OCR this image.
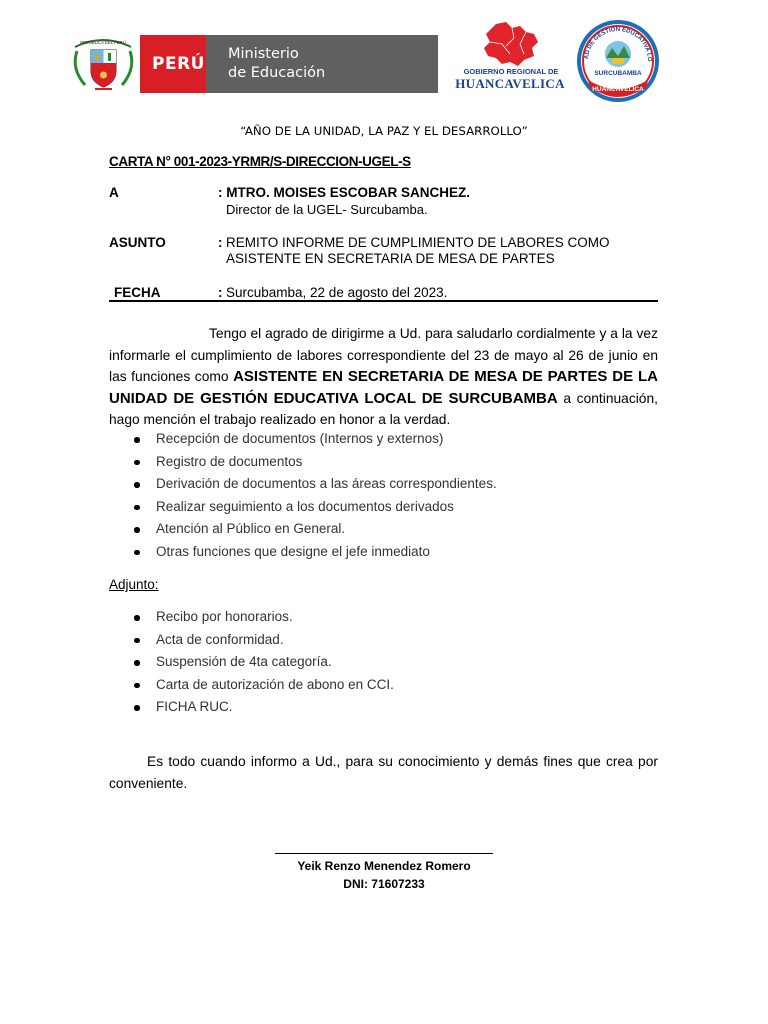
REPÚBLICA DEL PERÚ
PERÚ Ministerio
de Educación	GOBIERNO REGIONAL DE
HUANCAVELICA
AD DE GESTIÓN EDUCATIVA LO
SURCUBAMBA
HUANCAVELICA
“AÑO DE LA UNIDAD, LA PAZ Y EL DESARROLLO”
CARTA N° 001-2023-YRMR/S-DIRECCION-UGEL-S
A	: MTRO. MOISES ESCOBAR SANCHEZ.
Director de la UGEL- Surcubamba.
ASUNTO	: REMITO INFORME DE CUMPLIMIENTO DE LABORES COMO
ASISTENTE EN SECRETARIA DE MESA DE PARTES
FECHA	: Surcubamba, 22 de agosto del 2023.
Tengo el agrado de dirigirme a Ud. para saludarlo cordialmente y a la vez informarle el cumplimiento de labores correspondiente del 23 de mayo al 26 de junio en las funciones como ASISTENTE EN SECRETARIA DE MESA DE PARTES DE LA UNIDAD DE GESTIÓN EDUCATIVA LOCAL DE SURCUBAMBA a continuación, hago mención el trabajo realizado en honor a la verdad.
Recepción de documentos (Internos y externos)
Registro de documentos
Derivación de documentos a las áreas correspondientes.
Realizar seguimiento a los documentos derivados
Atención al Público en General.
Otras funciones que designe el jefe inmediato
Adjunto:
Recibo por honorarios.
Acta de conformidad.
Suspensión de 4ta categoría.
Carta de autorización de abono en CCI.
FICHA RUC.
Es todo cuando informo a Ud., para su conocimiento y demás fines que crea por conveniente.
Yeik Renzo Menendez Romero
DNI: 71607233
